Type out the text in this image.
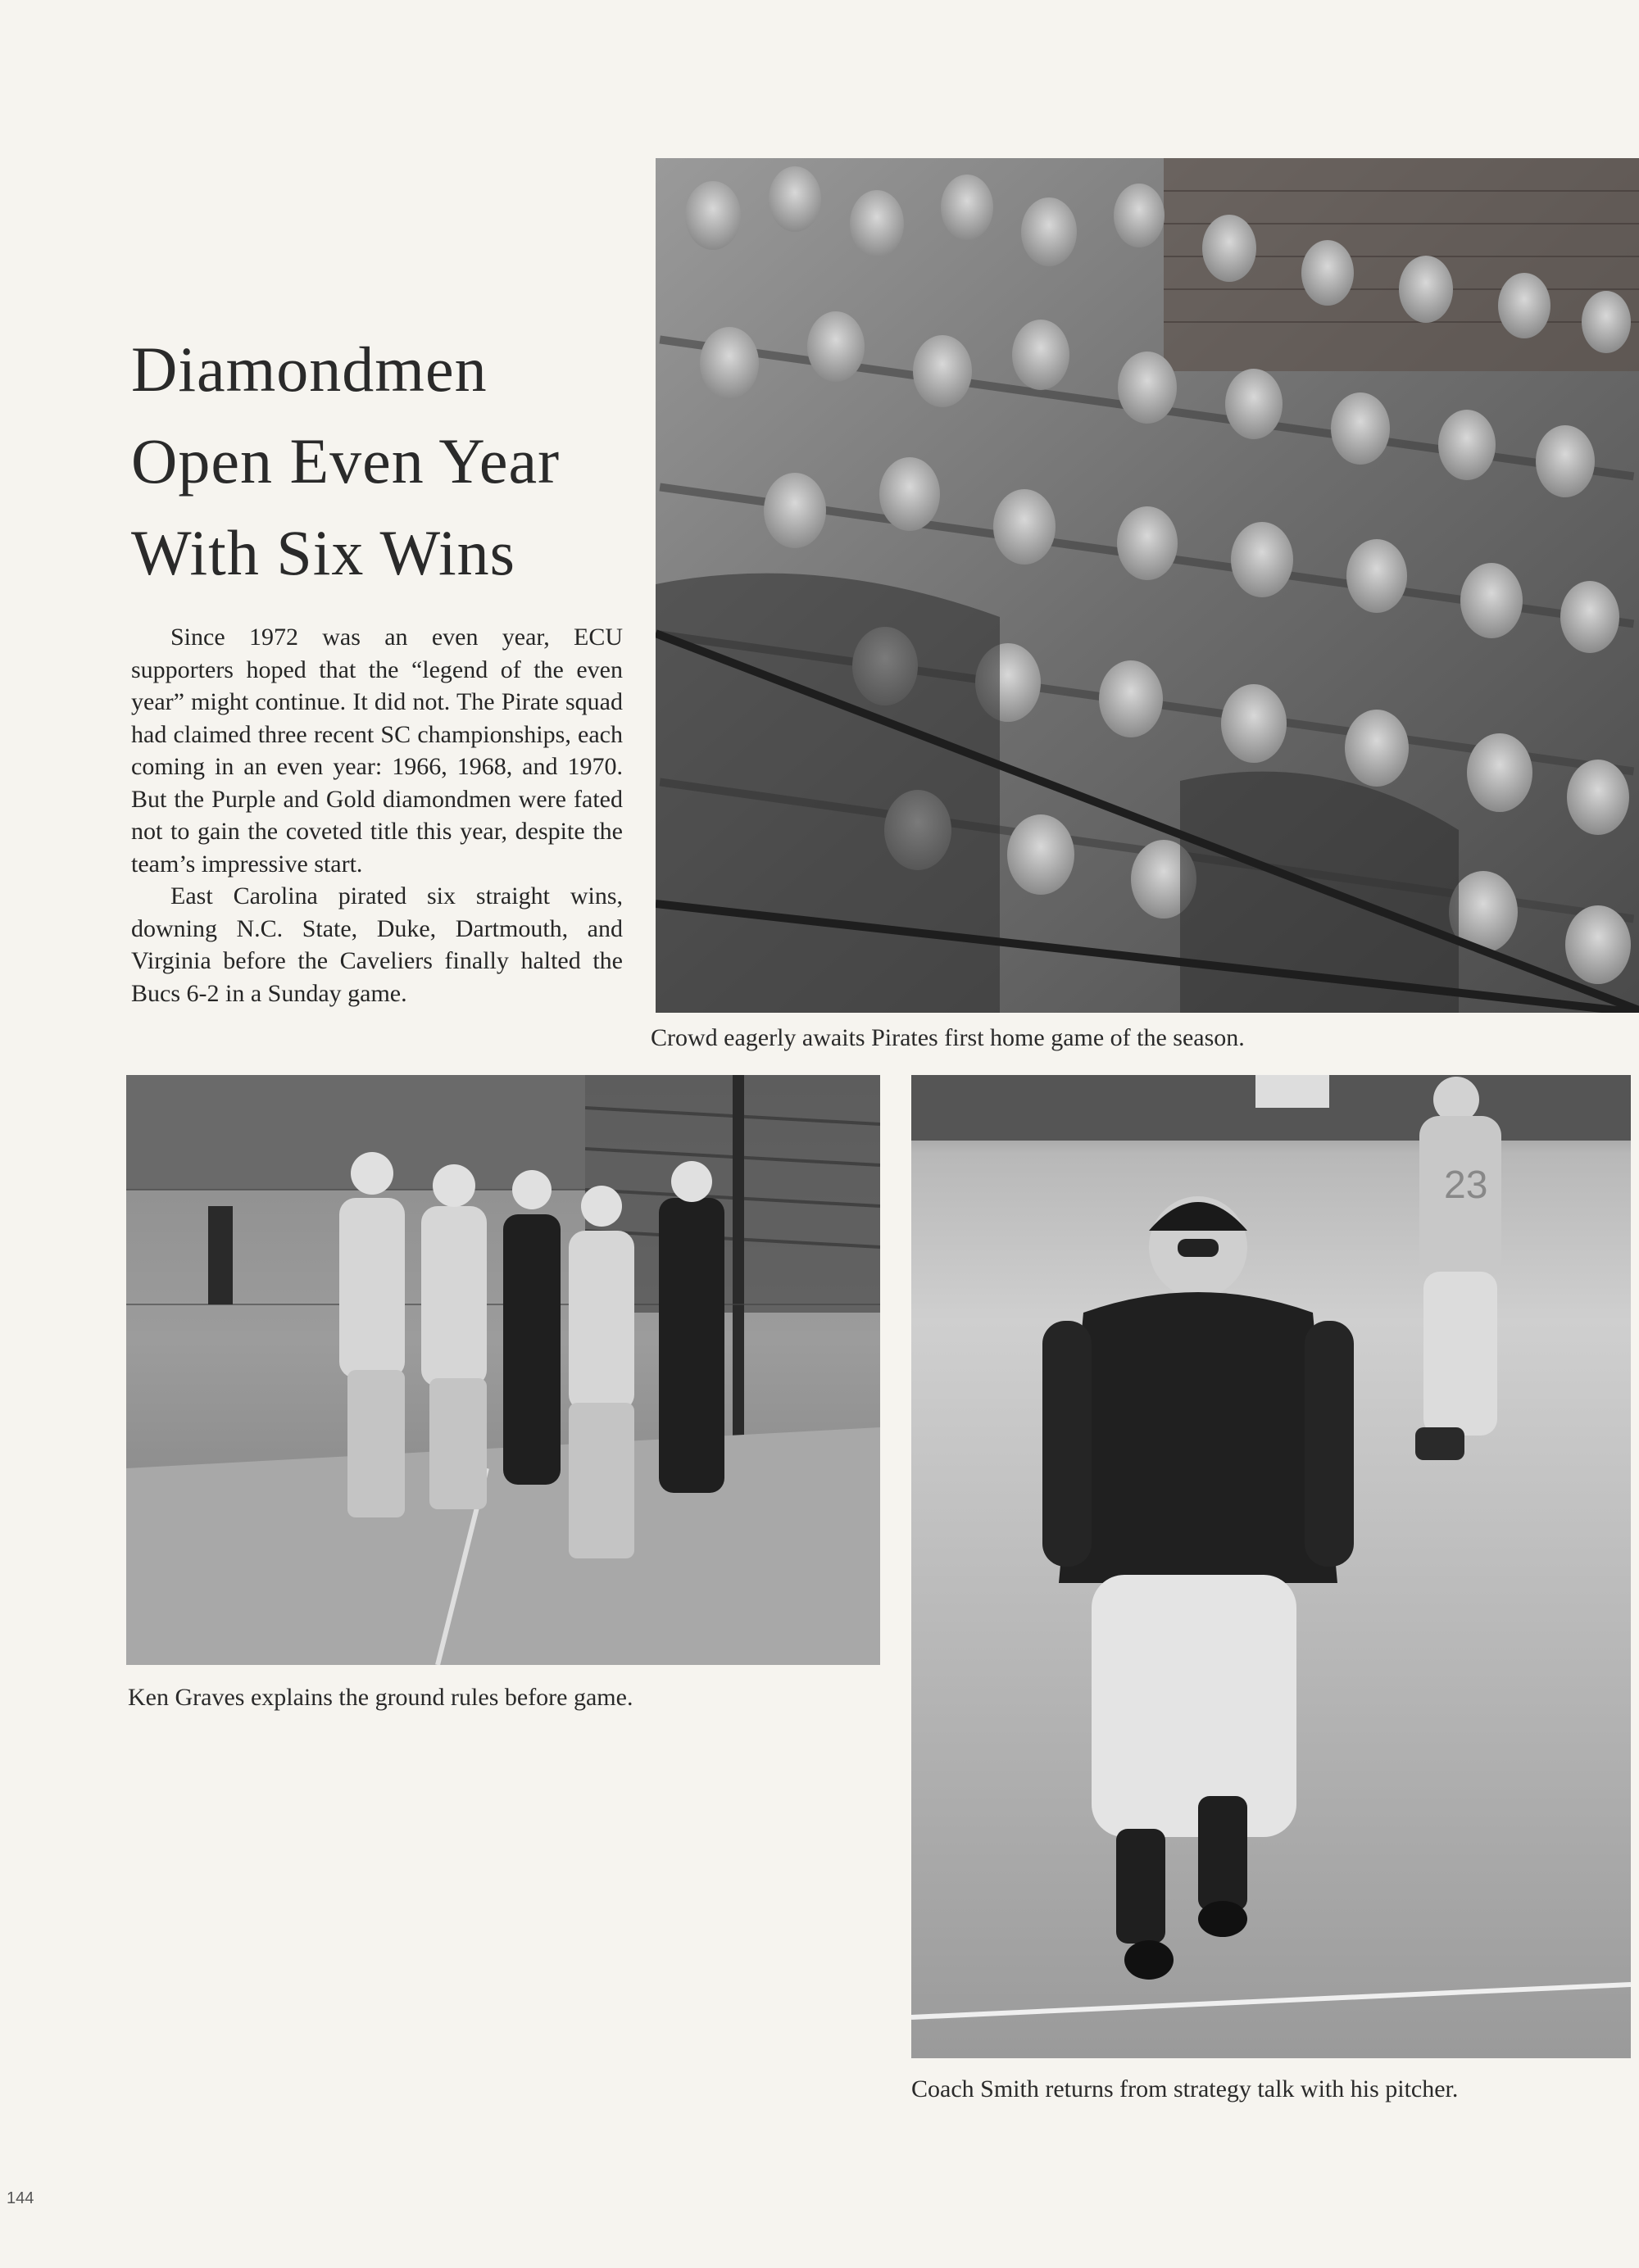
Diamondmen
Open Even Year
With Six Wins

Since 1972 was an even year, ECU supporters hoped that the “legend of the even year” might continue. It did not. The Pirate squad had claimed three recent SC championships, each coming in an even year: 1966, 1968, and 1970. But the Purple and Gold diamondmen were fated not to gain the coveted title this year, despite the team’s impressive start.

East Carolina pirated six straight wins, downing N.C. State, Duke, Dartmouth, and Virginia before the Caveliers finally halted the Bucs 6-2 in a Sunday game.

Crowd eagerly awaits Pirates first home game of the season.

Ken Graves explains the ground rules before game.

23

Coach Smith returns from strategy talk with his pitcher.

144
